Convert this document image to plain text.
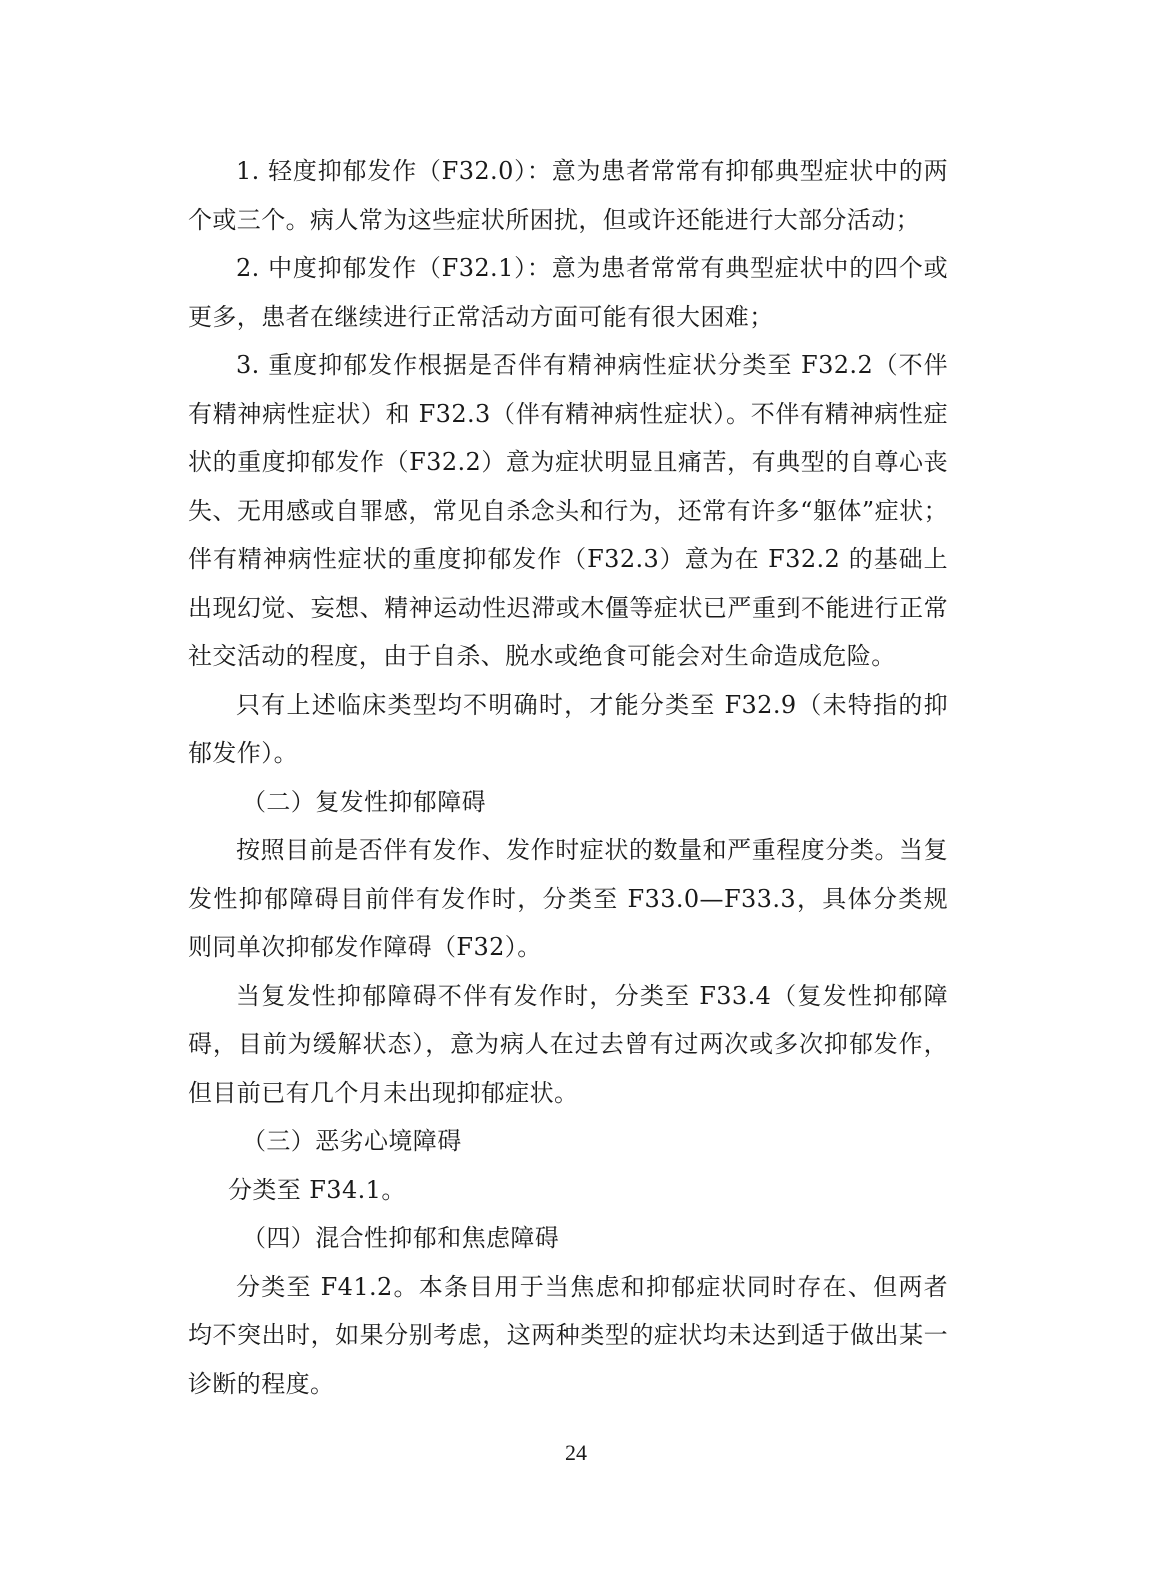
1. 轻度抑郁发作（F32.0）：意为患者常常有抑郁典型症状中的两个或三个。病人常为这些症状所困扰，但或许还能进行大部分活动；

2. 中度抑郁发作（F32.1）：意为患者常常有典型症状中的四个或更多，患者在继续进行正常活动方面可能有很大困难；

3. 重度抑郁发作根据是否伴有精神病性症状分类至 F32.2（不伴有精神病性症状）和 F32.3（伴有精神病性症状）。不伴有精神病性症状的重度抑郁发作（F32.2）意为症状明显且痛苦，有典型的自尊心丧失、无用感或自罪感，常见自杀念头和行为，还常有许多“躯体”症状；伴有精神病性症状的重度抑郁发作（F32.3）意为在 F32.2 的基础上出现幻觉、妄想、精神运动性迟滞或木僵等症状已严重到不能进行正常社交活动的程度，由于自杀、脱水或绝食可能会对生命造成危险。

只有上述临床类型均不明确时，才能分类至 F32.9（未特指的抑郁发作）。

（二）复发性抑郁障碍

按照目前是否伴有发作、发作时症状的数量和严重程度分类。当复发性抑郁障碍目前伴有发作时，分类至 F33.0—F33.3，具体分类规则同单次抑郁发作障碍（F32）。

当复发性抑郁障碍不伴有发作时，分类至 F33.4（复发性抑郁障碍，目前为缓解状态），意为病人在过去曾有过两次或多次抑郁发作，但目前已有几个月未出现抑郁症状。

（三）恶劣心境障碍

分类至 F34.1。

（四）混合性抑郁和焦虑障碍

分类至 F41.2。本条目用于当焦虑和抑郁症状同时存在、但两者均不突出时，如果分别考虑，这两种类型的症状均未达到适于做出某一诊断的程度。

24
